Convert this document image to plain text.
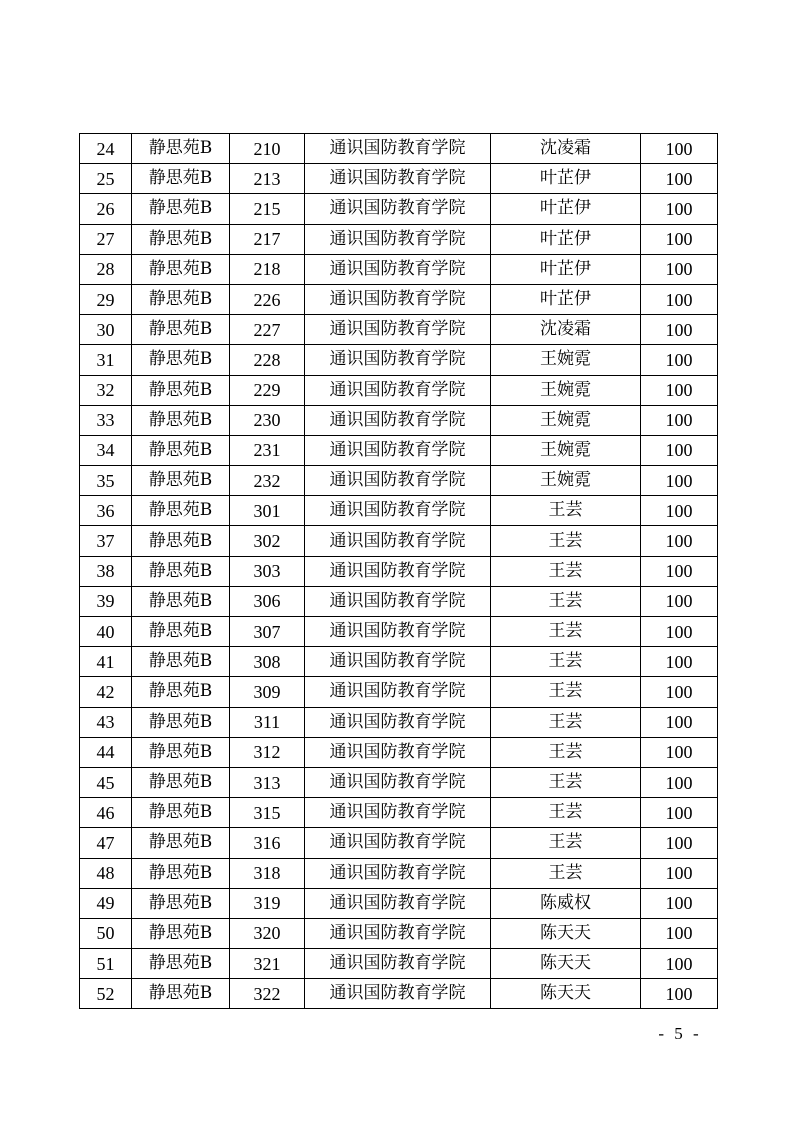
24	静思苑B	210	通识国防教育学院	沈凌霜	100
25	静思苑B	213	通识国防教育学院	叶芷伊	100
26	静思苑B	215	通识国防教育学院	叶芷伊	100
27	静思苑B	217	通识国防教育学院	叶芷伊	100
28	静思苑B	218	通识国防教育学院	叶芷伊	100
29	静思苑B	226	通识国防教育学院	叶芷伊	100
30	静思苑B	227	通识国防教育学院	沈凌霜	100
31	静思苑B	228	通识国防教育学院	王婉霓	100
32	静思苑B	229	通识国防教育学院	王婉霓	100
33	静思苑B	230	通识国防教育学院	王婉霓	100
34	静思苑B	231	通识国防教育学院	王婉霓	100
35	静思苑B	232	通识国防教育学院	王婉霓	100
36	静思苑B	301	通识国防教育学院	王芸	100
37	静思苑B	302	通识国防教育学院	王芸	100
38	静思苑B	303	通识国防教育学院	王芸	100
39	静思苑B	306	通识国防教育学院	王芸	100
40	静思苑B	307	通识国防教育学院	王芸	100
41	静思苑B	308	通识国防教育学院	王芸	100
42	静思苑B	309	通识国防教育学院	王芸	100
43	静思苑B	311	通识国防教育学院	王芸	100
44	静思苑B	312	通识国防教育学院	王芸	100
45	静思苑B	313	通识国防教育学院	王芸	100
46	静思苑B	315	通识国防教育学院	王芸	100
47	静思苑B	316	通识国防教育学院	王芸	100
48	静思苑B	318	通识国防教育学院	王芸	100
49	静思苑B	319	通识国防教育学院	陈威权	100
50	静思苑B	320	通识国防教育学院	陈天天	100
51	静思苑B	321	通识国防教育学院	陈天天	100
52	静思苑B	322	通识国防教育学院	陈天天	100
- 5 -
